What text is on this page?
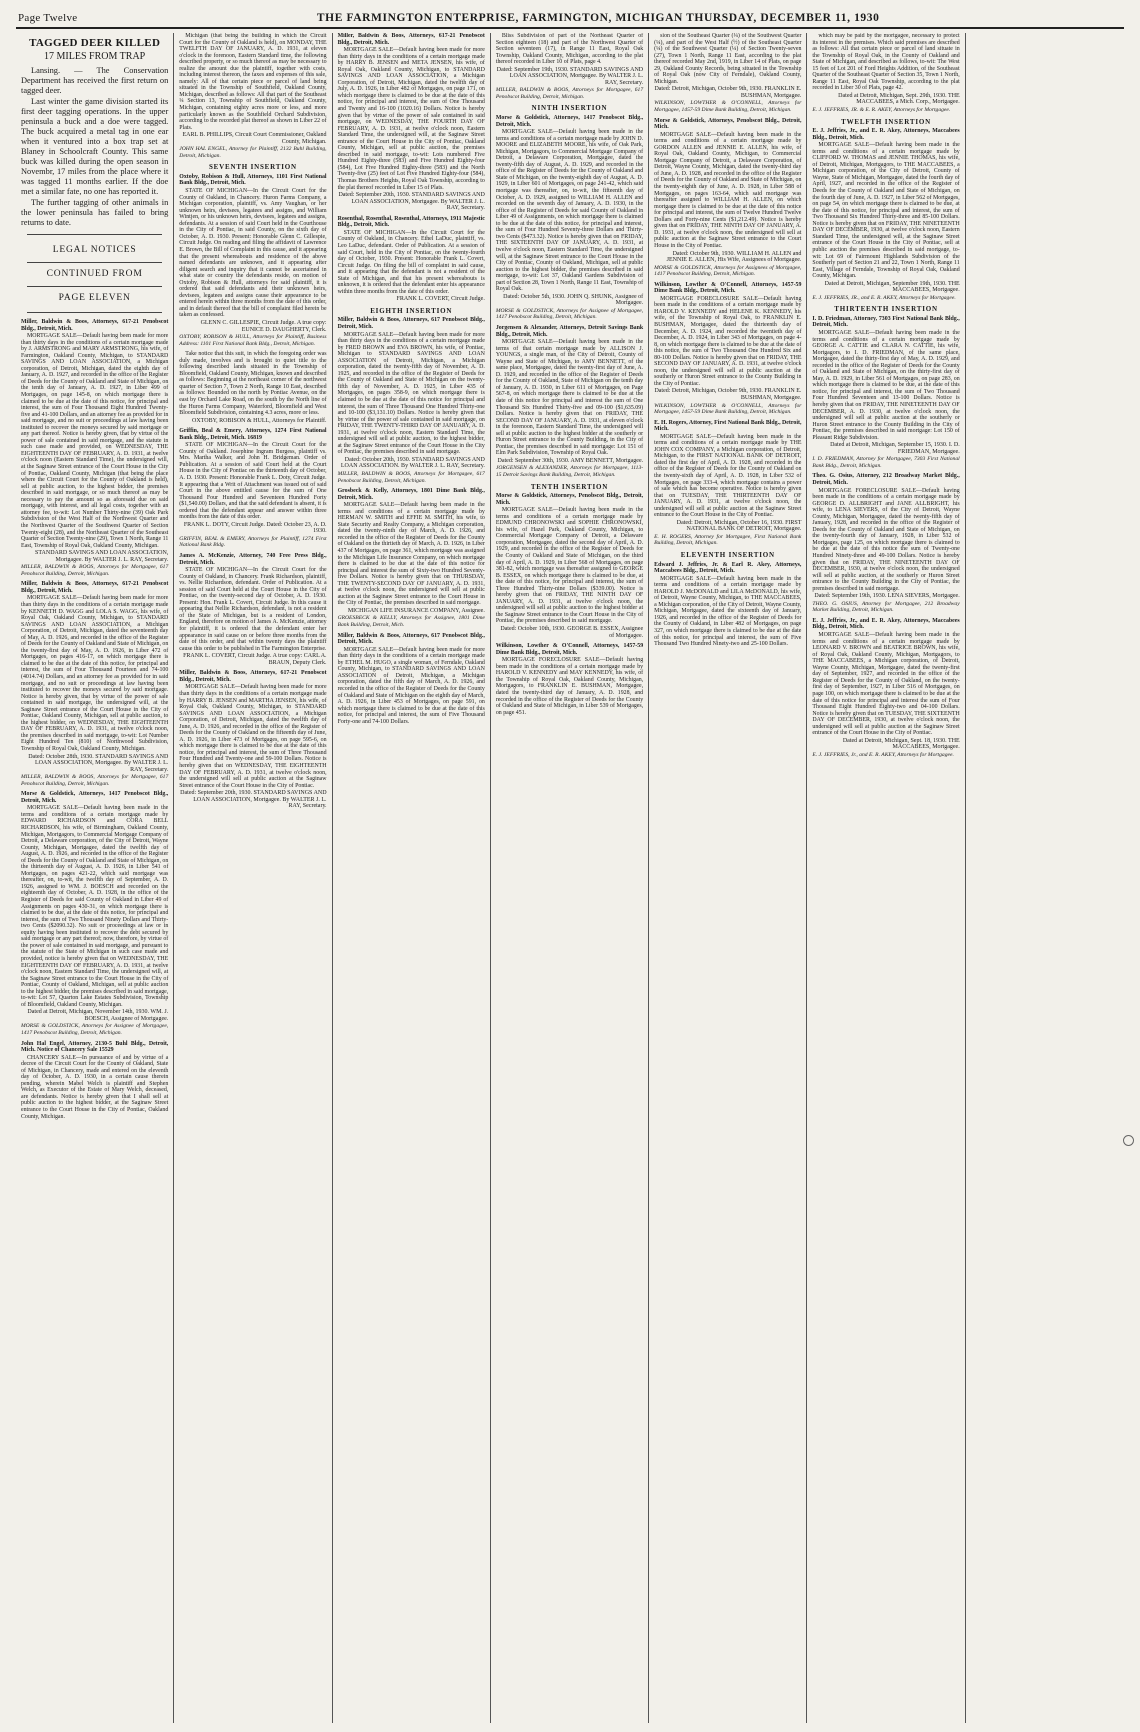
Page Twelve	THE FARMINGTON ENTERPRISE, FARMINGTON, MICHIGAN THURSDAY, DECEMBER 11, 1930

TAGGED DEER KILLED
17 MILES FROM TRAP

Lansing. — The Conservation Department has received the first return on tagged deer.

Last winter the game division started its first deer tagging operations. In the upper peninsula a buck and a doe were tagged. The buck acquired a metal tag in one ear when it ventured into a box trap set at Blaney in Schoolcraft County. This same buck was killed during the open season in Novembr, 17 miles from the place where it was tagged 11 months earlier. If the doe met a similar fate, no one has reported it.

The further tagging of other animals in the lower peninsula has failed to bring returns to date.

LEGAL NOTICES
CONTINUED FROM
PAGE ELEVEN
Miller, Baldwin & Boos, Attorneys, 617-21 Penobscot Bldg., Detroit, Mich.
MORTGAGE SALE—Default having been made for more than thirty days in the conditions of a certain mortgage made by J. ARMSTRONG and MARY ARMSTRONG, his wife, of Farmington, Oakland County, Michigan, to STANDARD SAVINGS AND LOAN ASSOCIATION, a Michigan corporation, of Detroit, Michigan, dated the eighth day of January, A. D. 1927, and recorded in the office of the Register of Deeds for the County of Oakland and State of Michigan, on the tenth day of January, A. D. 1927, in Liber 499 of Mortgages, on page 145-8, on which mortgage there is claimed to be due at the date of this notice, for principal and interest, the sum of Four Thousand Eight Hundred Twenty-five and 41-100 Dollars, and an attorney fee as provided for in said mortgage, and no suit or proceedings at law having been instituted to recover the moneys secured by said mortgage or any part thereof. Notice is hereby given, that by virtue of the power of sale contained in said mortgage, and the statute in such case made and provided, on WEDNESDAY, THE EIGHTEENTH DAY OF FEBRUARY, A. D. 1931, at twelve o'clock noon (Eastern Standard Time), the undersigned will, at the Saginaw Street entrance of the Court House in the City of Pontiac, Oakland County, Michigan (that being the place where the Circuit Court for the County of Oakland is held), sell at public auction, to the highest bidder, the premises described in said mortgage, or so much thereof as may be necessary to pay the amount so as aforesaid due on said mortgage, with interest, and all legal costs, together with an attorney fee, to-wit: Lot Number Thirty-nine (39) Oak Park Subdivision of the West Half of the Northwest Quarter and the Northwest Quarter of the Southwest Quarter of Section Twenty-eight (28), and the Northeast Quarter of the Southeast Quarter of Section Twenty-nine (29), Town 1 North, Range 11 East, Township of Royal Oak, Oakland County, Michigan.
STANDARD SAVINGS AND LOAN ASSOCIATION, Mortgagee. By WALTER J. L. RAY, Secretary.
MILLER, BALDWIN & BOOS, Attorneys for Mortgagee, 617 Penobscot Building, Detroit, Michigan.
Miller, Baldwin & Boos, Attorneys, 617-21 Penobscot Bldg., Detroit, Mich.
MORTGAGE SALE—Default having been made for more than thirty days in the conditions of a certain mortgage made by KENNETH D. WAGG and LOLA S. WAGG, his wife, of Royal Oak, Oakland County, Michigan, to STANDARD SAVINGS AND LOAN ASSOCIATION, a Michigan Corporation, of Detroit, Michigan, dated the seventeenth day of May, A. D. 1926, and recorded in the office of the Register of Deeds for the County of Oakland and State of Michigan, on the twenty-first day of May, A. D. 1926, in Liber 472 of Mortgages, on pages 416-17, on which mortgage there is claimed to be due at the date of this notice, for principal and interest, the sum of Four Thousand Fourteen and 74-100 (4014.74) Dollars, and an attorney fee as provided for in said mortgage, and no suit or proceedings at law having been instituted to recover the moneys secured by said mortgage. Notice is hereby given, that by virtue of the power of sale contained in said mortgage, the undersigned will, at the Saginaw Street entrance of the Court House in the City of Pontiac, Oakland County, Michigan, sell at public auction, to the highest bidder, on WEDNESDAY, THE EIGHTEENTH DAY OF FEBRUARY, A. D. 1931, at twelve o'clock noon, the premises described in said mortgage, to-wit: Lot Number Eight Hundred Ten (810) of Northwood Subdivision, Township of Royal Oak, Oakland County, Michigan.
Dated: October 28th, 1930. STANDARD SAVINGS AND LOAN ASSOCIATION, Mortgagee. By WALTER J. L. RAY, Secretary.
MILLER, BALDWIN & BOOS, Attorneys for Mortgagee, 617 Penobscot Building, Detroit, Michigan.
Morse & Goldstick, Attorneys, 1417 Penobscot Bldg., Detroit, Mich.
MORTGAGE SALE—Default having been made in the terms and conditions of a certain mortgage made by EDWARD RICHARDSON and CORA BELL RICHARDSON, his wife, of Birmingham, Oakland County, Michigan, Mortgagors, to Commercial Mortgage Company of Detroit, a Delaware corporation, of the City of Detroit, Wayne County, Michigan, Mortgagee, dated the twelfth day of August, A. D. 1926, and recorded in the office of the Register of Deeds for the County of Oakland and State of Michigan, on the thirteenth day of August, A. D. 1926, in Liber 541 of Mortgages, on pages 421-22, which said mortgage was thereafter, on, to-wit, the twelfth day of September, A. D. 1926, assigned to WM. J. BOESCH and recorded on the eighteenth day of October, A. D. 1928, in the office of the Register of Deeds for said County of Oakland in Liber 49 of Assignments on pages 430-31, on which mortgage there is claimed to be due, at the date of this notice, for principal and interest, the sum of Two Thousand Ninety Dollars and Thirty-two Cents ($2090.32). No suit or proceedings at law or in equity having been instituted to recover the debt secured by said mortgage or any part thereof; now, therefore, by virtue of the power of sale contained in said mortgage, and pursuant to the statute of the State of Michigan in such case made and provided, notice is hereby given that on WEDNESDAY, THE EIGHTEENTH DAY OF FEBRUARY, A. D. 1931, at twelve o'clock noon, Eastern Standard Time, the undersigned will, at the Saginaw Street entrance to the Court House in the City of Pontiac, County of Oakland, Michigan, sell at public auction to the highest bidder, the premises described in said mortgage, to-wit: Lot 57, Quarton Lake Estates Subdivision, Township of Bloomfield, Oakland County, Michigan.
Dated at Detroit, Michigan, November 14th, 1930. WM. J. BOESCH, Assignee of Mortgagee.
MORSE & GOLDSTICK, Attorneys for Assignee of Mortgagee, 1417 Penobscot Building, Detroit, Michigan.
John Hal Engel, Attorney, 2130-5 Buhl Bldg., Detroit, Mich. Notice of Chancery Sale 15529
CHANCERY SALE—In pursuance of and by virtue of a decree of the Circuit Court for the County of Oakland, State of Michigan, in Chancery, made and entered on the eleventh day of October, A. D. 1930, in a certain cause therein pending, wherein Mabel Welch is plaintiff and Stephen Welch, as Executor of the Estate of Mary Welch, deceased, are defendants. Notice is hereby given that I shall sell at public auction to the highest bidder, at the Saginaw Street entrance to the Court House in the City of Pontiac, Oakland County, Michigan.
Michigan (that being the building in which the Circuit Court for the County of Oakland is held), on MONDAY, THE TWELFTH DAY OF JANUARY, A. D. 1931, at eleven o'clock in the forenoon, Eastern Standard time, the following described property, or so much thereof as may be necessary to realize the amount due the plaintiff, together with costs, including interest thereon, the taxes and expenses of this sale, namely: All of that certain piece or parcel of land being situated in the Township of Southfield, Oakland County, Michigan, described as follows: All that part of the Southeast ¼ Section 13, Township of Southfield, Oakland County, Michigan, containing eighty acres more or less, and more particularly known as the Southfield Orchard Subdivision, according to the recorded plat thereof as shown in Liber 22 of Plats.
EARL B. PHILLIPS, Circuit Court Commissioner, Oakland County, Michigan.
JOHN HAL ENGEL, Attorney for Plaintiff, 2132 Buhl Building, Detroit, Michigan.
SEVENTH INSERTION
Oxtoby, Robison & Hull, Attorneys, 1101 First National Bank Bldg., Detroit, Mich.
STATE OF MICHIGAN—In the Circuit Court for the County of Oakland, in Chancery. Huron Farms Company, a Michigan corporation, plaintiff, vs. Amy Vaughan, or her unknown heirs, devisees, legatees and assigns, and William Wintjen, or his unknown heirs, devisees, legatees and assigns, defendants. At a session of said Court held in the Courthouse in the City of Pontiac, in said County, on the sixth day of October, A. D. 1930. Present: Honorable Glenn C. Gillespie, Circuit Judge. On reading and filing the affidavit of Lawrence E. Brown, the Bill of Complaint in this cause, and it appearing that the present whereabouts and residence of the above named defendants are unknown, and it appearing after diligent search and inquiry that it cannot be ascertained in what state or country the defendants reside, on motion of Oxtoby, Robison & Hull, attorneys for said plaintiff, it is ordered that said defendants and their unknown heirs, devisees, legatees and assigns cause their appearance to be entered herein within three months from the date of this order, and in default thereof that the bill of complaint filed herein be taken as confessed.
GLENN C. GILLESPIE, Circuit Judge. A true copy: EUNICE D. DAUGHERTY, Clerk.
OXTOBY, ROBISON & HULL, Attorneys for Plaintiff, Business Address: 1101 First National Bank Bldg., Detroit, Michigan.
Take notice that this suit, in which the foregoing order was duly made, involves and is brought to quiet title to the following described lands situated in the Township of Bloomfield, Oakland County, Michigan, known and described as follows: Beginning at the northeast corner of the northwest quarter of Section 7, Town 2 North, Range 10 East, described as follows: Bounded on the north by Pontiac Avenue, on the east by Orchard Lake Road, on the south by the North line of the Huron Farms Company, Waterford, Bloomfield and West Bloomfield Subdivision, containing 4.3 acres, more or less.
OXTOBY, ROBISON & HULL, Attorneys for Plaintiff.
Griffin, Beal & Emery, Attorneys, 1274 First National Bank Bldg., Detroit, Mich. 16819
STATE OF MICHIGAN—In the Circuit Court for the County of Oakland. Josephine Ingram Burgess, plaintiff vs. Mrs. Martha Walker, and John H. Bridgeman. Order of Publication. At a session of said Court held at the Court House in the City of Pontiac on the thirteenth day of October, A. D. 1930. Present: Honorable Frank L. Doty, Circuit Judge. It appearing that a Writ of Attachment was issued out of said Court in the above entitled cause for the sum of One Thousand Four Hundred and Seventeen Hundred Forty ($1,540.00) Dollars, and that the said defendant is absent, it is ordered that the defendant appear and answer within three months from the date of this order.
FRANK L. DOTY, Circuit Judge. Dated: October 23, A. D. 1930.
GRIFFIN, BEAL & EMERY, Attorneys for Plaintiff, 1274 First National Bank Bldg.
James A. McKenzie, Attorney, 740 Free Press Bldg., Detroit, Mich.
STATE OF MICHIGAN—In the Circuit Court for the County of Oakland, in Chancery. Frank Richardson, plaintiff, vs. Nellie Richardson, defendant. Order of Publication. At a session of said Court held at the Court House in the City of Pontiac, on the twenty-second day of October, A. D. 1930. Present: Hon. Frank L. Covert, Circuit Judge. In this cause it appearing that Nellie Richardson, defendant, is not a resident of the State of Michigan, but is a resident of London, England, therefore on motion of James A. McKenzie, attorney for plaintiff, it is ordered that the defendant enter her appearance in said cause on or before three months from the date of this order, and that within twenty days the plaintiff cause this order to be published in The Farmington Enterprise.
FRANK L. COVERT, Circuit Judge. A true copy: CARL A. BRAUN, Deputy Clerk.
Miller, Baldwin & Boos, Attorneys, 617-21 Penobscot Bldg., Detroit, Mich.
MORTGAGE SALE—Default having been made for more than thirty days in the conditions of a certain mortgage made by HARRY B. JENSEN and MARTHA JENSEN, his wife, of Royal Oak, Oakland County, Michigan, to STANDARD SAVINGS AND LOAN ASSOCIATION, a Michigan Corporation, of Detroit, Michigan, dated the twelfth day of June, A. D. 1926, and recorded in the office of the Register of Deeds for the County of Oakland on the fifteenth day of June, A. D. 1926, in Liber 473 of Mortgages, on page 595-6, on which mortgage there is claimed to be due at the date of this notice, for principal and interest, the sum of Three Thousand Four Hundred and Twenty-one and 59-100 Dollars. Notice is hereby given that on WEDNESDAY, THE EIGHTEENTH DAY OF FEBRUARY, A. D. 1931, at twelve o'clock noon, the undersigned will sell at public auction at the Saginaw Street entrance of the Court House in the City of Pontiac.
Dated: September 20th, 1930. STANDARD SAVINGS AND LOAN ASSOCIATION, Mortgagee. By WALTER J. L. RAY, Secretary.
Miller, Baldwin & Boos, Attorneys, 617-21 Penobscot Bldg., Detroit, Mich.
MORTGAGE SALE—Default having been made for more than thirty days in the conditions of a certain mortgage made by HARRY B. JENSEN and META JENSEN, his wife, of Royal Oak, Oakland County, Michigan, to STANDARD SAVINGS AND LOAN ASSOCIATION, a Michigan Corporation, of Detroit, Michigan, dated the twelfth day of July, A. D. 1926, in Liber 482 of Mortgages, on page 171, on which mortgage there is claimed to be due at the date of this notice, for principal and interest, the sum of One Thousand and Twenty and 16-100 (1020.16) Dollars. Notice is hereby given that by virtue of the power of sale contained in said mortgage, on WEDNESDAY, THE FOURTH DAY OF FEBRUARY, A. D. 1931, at twelve o'clock noon, Eastern Standard Time, the undersigned will, at the Saginaw Street entrance of the Court House in the City of Pontiac, Oakland County, Michigan, sell at public auction, the premises described in said mortgage, to-wit: Lots numbered Five Hundred Eighty-three (583) and Five Hundred Eighty-four (584), Lot Five Hundred Eighty-three (583) and the North Twenty-five (25) feet of Lot Five Hundred Eighty-four (584), Thomas Brothers Heights, Royal Oak Township, according to the plat thereof recorded in Liber 15 of Plats.
Dated: September 20th, 1930. STANDARD SAVINGS AND LOAN ASSOCIATION, Mortgagee. By WALTER J. L. RAY, Secretary.
Rosenthal, Rosenthal, Rosenthal, Attorneys, 1911 Majestic Bldg., Detroit, Mich.
STATE OF MICHIGAN—In the Circuit Court for the County of Oakland, in Chancery. Ethel LaDuc, plaintiff, vs. Leo LaDuc, defendant. Order of Publication. At a session of said Court, held in the City of Pontiac, on the twenty-fourth day of October, 1930. Present: Honorable Frank L. Covert, Circuit Judge. On filing the bill of complaint in said cause, and it appearing that the defendant is not a resident of the State of Michigan, and that his present whereabouts is unknown, it is ordered that the defendant enter his appearance within three months from the date of this order.
FRANK L. COVERT, Circuit Judge.
EIGHTH INSERTION
Miller, Baldwin & Boos, Attorneys, 617 Penobscot Bldg., Detroit, Mich.
MORTGAGE SALE—Default having been made for more than thirty days in the conditions of a certain mortgage made by FRED BROWN and EVA BROWN, his wife, of Pontiac, Michigan to STANDARD SAVINGS AND LOAN ASSOCIATION of Detroit, Michigan, a Michigan corporation, dated the twenty-fifth day of November, A. D. 1925, and recorded in the office of the Register of Deeds for the County of Oakland and State of Michigan on the twenty-fifth day of November, A. D. 1925, in Liber 435 of Mortgages, on pages 358-9, on which mortgage there is claimed to be due at the date of this notice for principal and interest, the sum of Three Thousand One Hundred Thirty-one and 10-100 ($3,131.10) Dollars. Notice is hereby given that by virtue of the power of sale contained in said mortgage, on FRIDAY, THE TWENTY-THIRD DAY OF JANUARY, A. D. 1931, at twelve o'clock noon, Eastern Standard Time, the undersigned will sell at public auction, to the highest bidder, at the Saginaw Street entrance of the Court House in the City of Pontiac, the premises described in said mortgage.
Dated: October 20th, 1930. STANDARD SAVINGS AND LOAN ASSOCIATION. By WALTER J. L. RAY, Secretary.
MILLER, BALDWIN & BOOS, Attorneys for Mortgagee, 617 Penobscot Building, Detroit, Michigan.
Grosbeck & Kelly, Attorneys, 1801 Dime Bank Bldg., Detroit, Mich.
MORTGAGE SALE—Default having been made in the terms and conditions of a certain mortgage made by HERMAN W. SMITH and EFFIE M. SMITH, his wife, to State Security and Realty Company, a Michigan corporation, dated the twenty-ninth day of March, A. D. 1926, and recorded in the office of the Register of Deeds for the County of Oakland on the thirtieth day of March, A. D. 1926, in Liber 437 of Mortgages, on page 361, which mortgage was assigned to the Michigan Life Insurance Company, on which mortgage there is claimed to be due at the date of this notice for principal and interest the sum of Sixty-two Hundred Seventy-five Dollars. Notice is hereby given that on THURSDAY, THE TWENTY-SECOND DAY OF JANUARY, A. D. 1931, at twelve o'clock noon, the undersigned will sell at public auction at the Saginaw Street entrance to the Court House in the City of Pontiac, the premises described in said mortgage.
MICHIGAN LIFE INSURANCE COMPANY, Assignee.
GROESBECK & KELLY, Attorneys for Assignee, 1801 Dime Bank Building, Detroit, Mich.
Miller, Baldwin & Boos, Attorneys, 617 Penobscot Bldg., Detroit, Mich.
MORTGAGE SALE—Default having been made for more than thirty days in the conditions of a certain mortgage made by ETHEL M. HUGO, a single woman, of Ferndale, Oakland County, Michigan, to STANDARD SAVINGS AND LOAN ASSOCIATION of Detroit, Michigan, a Michigan corporation, dated the fifth day of March, A. D. 1926, and recorded in the office of the Register of Deeds for the County of Oakland and State of Michigan on the eighth day of March, A. D. 1926, in Liber 453 of Mortgages, on page 591, on which mortgage there is claimed to be due at the date of this notice, for principal and interest, the sum of Five Thousand Forty-one and 74-100 Dollars.
Bliss Subdivision of part of the Northeast Quarter of Section eighteen (18) and part of the Northwest Quarter of Section seventeen (17), in Range 11 East, Royal Oak Township, Oakland County, Michigan, according to the plat thereof recorded in Liber 10 of Plats, page 4.
Dated: September 19th, 1930. STANDARD SAVINGS AND LOAN ASSOCIATION, Mortgagee. By WALTER J. L. RAY, Secretary.
MILLER, BALDWIN & BOOS, Attorneys for Mortgagee, 617 Penobscot Building, Detroit, Michigan.
NINTH INSERTION
Morse & Goldstick, Attorneys, 1417 Penobscot Bldg., Detroit, Mich.
MORTGAGE SALE—Default having been made in the terms and conditions of a certain mortgage made by JOHN D. MOORE and ELIZABETH MOORE, his wife, of Oak Park, Michigan, Mortgagors, to Commercial Mortgage Company of Detroit, a Delaware Corporation, Mortgagee, dated the twenty-fifth day of August, A. D. 1929, and recorded in the office of the Register of Deeds for the County of Oakland and State of Michigan, on the twenty-eighth day of August, A. D. 1929, in Liber 601 of Mortgages, on page 241-42, which said mortgage was thereafter, on, to-wit, the fifteenth day of October, A. D. 1929, assigned to WILLIAM H. ALLEN and recorded on the seventh day of January, A. D. 1930, in the office of the Register of Deeds for said County of Oakland in Liber 49 of Assignments, on which mortgage there is claimed to be due at the date of this notice, for principal and interest, the sum of Four Hundred Seventy-three Dollars and Thirty-two Cents ($473.32). Notice is hereby given that on FRIDAY, THE SIXTEENTH DAY OF JANUARY, A. D. 1931, at twelve o'clock noon, Eastern Standard Time, the undersigned will, at the Saginaw Street entrance to the Court House in the City of Pontiac, County of Oakland, Michigan, sell at public auction to the highest bidder, the premises described in said mortgage, to-wit: Lot 37, Oakland Gardens Subdivision of part of Section 28, Town 1 North, Range 11 East, Township of Royal Oak.
Dated: October 5th, 1930. JOHN Q. SHUNK, Assignee of Mortgagee.
MORSE & GOLDSTICK, Attorneys for Assignee of Mortgagee, 1417 Penobscot Building, Detroit, Michigan.
Jorgensen & Alexander, Attorneys, Detroit Savings Bank Bldg., Detroit, Mich.
MORTGAGE SALE—Default having been made in the terms of that certain mortgage made by ALLISON J. YOUNGS, a single man, of the City of Detroit, County of Wayne and State of Michigan, to AMY BENNETT, of the same place, Mortgagee, dated the twenty-first day of June, A. D. 1929, and recorded in the office of the Register of Deeds for the County of Oakland, State of Michigan on the tenth day of January, A. D. 1930, in Liber 611 of Mortgages, on Page 567-8, on which mortgage there is claimed to be due at the date of this notice for principal and interest the sum of One Thousand Six Hundred Thirty-five and 09-100 ($1,635.09) Dollars. Notice is hereby given that on FRIDAY, THE SECOND DAY OF JANUARY, A. D. 1931, at eleven o'clock in the forenoon, Eastern Standard Time, the undersigned will sell at public auction to the highest bidder at the southerly or Huron Street entrance to the County Building, in the City of Pontiac, the premises described in said mortgage: Lot 151 of Elm Park Subdivision, Township of Royal Oak.
Dated: September 30th, 1930. AMY BENNETT, Mortgagee.
JORGENSEN & ALEXANDER, Attorneys for Mortgagee, 1113-15 Detroit Savings Bank Building, Detroit, Michigan.
TENTH INSERTION
Morse & Goldstick, Attorneys, Penobscot Bldg., Detroit, Mich.
MORTGAGE SALE—Default having been made in the terms and conditions of a certain mortgage made by EDMUND CHRONOWSKI and SOPHIE CHRONOWSKI, his wife, of Hazel Park, Oakland County, Michigan, to Commercial Mortgage Company of Detroit, a Delaware corporation, Mortgagee, dated the second day of April, A. D. 1929, and recorded in the office of the Register of Deeds for the County of Oakland and State of Michigan, on the third day of April, A. D. 1929, in Liber 568 of Mortgages, on page 381-82, which mortgage was thereafter assigned to GEORGE B. ESSEX, on which mortgage there is claimed to be due, at the date of this notice, for principal and interest, the sum of Three Hundred Thirty-nine Dollars ($339.00). Notice is hereby given that on FRIDAY, THE NINTH DAY OF JANUARY, A. D. 1931, at twelve o'clock noon, the undersigned will sell at public auction to the highest bidder at the Saginaw Street entrance to the Court House in the City of Pontiac, the premises described in said mortgage.
Dated: October 10th, 1930. GEORGE B. ESSEX, Assignee of Mortgagee.
Wilkinson, Lowther & O'Connell, Attorneys, 1457-59 Dime Bank Bldg., Detroit, Mich.
MORTGAGE FORECLOSURE SALE—Default having been made in the conditions of a certain mortgage made by HAROLD V. KENNEDY and MAY KENNEDY, his wife, of the Township of Royal Oak, Oakland County, Michigan, Mortgagors, to FRANKLIN E. BUSHMAN, Mortgagee, dated the twenty-third day of January, A. D. 1928, and recorded in the office of the Register of Deeds for the County of Oakland and State of Michigan, in Liber 539 of Mortgages, on page 451.
sion of the Southeast Quarter (¼) of the Southwest Quarter (¼), and part of the West Half (½) of the Southeast Quarter (¼) of the Southwest Quarter (¼) of Section Twenty-seven (27), Town 1 North, Range 11 East, according to the plat thereof recorded May 2nd, 1919, in Liber 14 of Plats, on page 29, Oakland County Records, being situated in the Township of Royal Oak (now City of Ferndale), Oakland County, Michigan.
Dated: Detroit, Michigan, October 9th, 1930. FRANKLIN E. BUSHMAN, Mortgagee.
WILKINSON, LOWTHER & O'CONNELL, Attorneys for Mortgagee, 1457-59 Dime Bank Building, Detroit, Michigan.
Morse & Goldstick, Attorneys, Penobscot Bldg., Detroit, Mich.
MORTGAGE SALE—Default having been made in the terms and conditions of a certain mortgage made by GORDON ALLEN and JENNIE E. ALLEN, his wife, of Royal Oak, Oakland County, Michigan, to Commercial Mortgage Company of Detroit, a Delaware Corporation, of Detroit, Wayne County, Michigan, dated the twenty-third day of June, A. D. 1928, and recorded in the office of the Register of Deeds for the County of Oakland and State of Michigan, on the twenty-eighth day of June, A. D. 1928, in Liber 588 of Mortgages, on pages 163-64, which said mortgage was thereafter assigned to WILLIAM H. ALLEN, on which mortgage there is claimed to be due at the date of this notice for principal and interest, the sum of Twelve Hundred Twelve Dollars and Forty-nine Cents ($1,212.49). Notice is hereby given that on FRIDAY, THE NINTH DAY OF JANUARY, A. D. 1931, at twelve o'clock noon, the undersigned will sell at public auction at the Saginaw Street entrance to the Court House in the City of Pontiac.
Dated: October 9th, 1930. WILLIAM H. ALLEN and JENNIE E. ALLEN, His Wife, Assignees of Mortgagee.
MORSE & GOLDSTICK, Attorneys for Assignees of Mortgagee, 1417 Penobscot Building, Detroit, Michigan.
Wilkinson, Lowther & O'Connell, Attorneys, 1457-59 Dime Bank Bldg., Detroit, Mich.
MORTGAGE FORECLOSURE SALE—Default having been made in the conditions of a certain mortgage made by HAROLD V. KENNEDY and HELENE K. KENNEDY, his wife, of the Township of Royal Oak, to FRANKLIN E. BUSHMAN, Mortgagee, dated the thirteenth day of December, A. D. 1924, and recorded the twentieth day of December, A. D. 1924, in Liber 343 of Mortgages, on page 4-8, on which mortgage there is claimed to be due at the date of this notice, the sum of Two Thousand One Hundred Six and 80-100 Dollars. Notice is hereby given that on FRIDAY, THE SECOND DAY OF JANUARY, A. D. 1931, at twelve o'clock noon, the undersigned will sell at public auction at the southerly or Huron Street entrance to the County Building in the City of Pontiac.
Dated: Detroit, Michigan, October 9th, 1930. FRANKLIN E. BUSHMAN, Mortgagee.
WILKINSON, LOWTHER & O'CONNELL, Attorneys for Mortgagee, 1457-59 Dime Bank Building, Detroit, Michigan.
E. H. Rogers, Attorney, First National Bank Bldg., Detroit, Mich.
MORTGAGE SALE—Default having been made in the terms and conditions of a certain mortgage made by THE JOHN COX COMPANY, a Michigan corporation, of Detroit, Michigan, to the FIRST NATIONAL BANK OF DETROIT, dated the first day of April, A. D. 1928, and recorded in the office of the Register of Deeds for the County of Oakland on the twenty-sixth day of April, A. D. 1928, in Liber 532 of Mortgages, on page 333-4, which mortgage contains a power of sale which has become operative. Notice is hereby given that on TUESDAY, THE THIRTEENTH DAY OF JANUARY, A. D. 1931, at twelve o'clock noon, the undersigned will sell at public auction at the Saginaw Street entrance to the Court House in the City of Pontiac.
Dated: Detroit, Michigan, October 16, 1930. FIRST NATIONAL BANK OF DETROIT, Mortgagee.
E. H. ROGERS, Attorney for Mortgagee, First National Bank Building, Detroit, Michigan.
ELEVENTH INSERTION
Edward J. Jeffries, Jr. & Earl R. Akey, Attorneys, Maccabees Bldg., Detroit, Mich.
MORTGAGE SALE—Default having been made in the terms and conditions of a certain mortgage made by HAROLD J. McDONALD and LILA McDONALD, his wife, of Detroit, Wayne County, Michigan, to THE MACCABEES, a Michigan corporation, of the City of Detroit, Wayne County, Michigan, Mortgagee, dated the sixteenth day of January, 1926, and recorded in the office of the Register of Deeds for the County of Oakland, in Liber 482 of Mortgages, on page 327, on which mortgage there is claimed to be due at the date of this notice, for principal and interest, the sum of Five Thousand Two Hundred Ninety-two and 25-100 Dollars.
which may be paid by the mortgagee, necessary to protect its interest in the premises. Which said premises are described as follows: All that certain piece or parcel of land situate in the Township of Royal Oak, in the County of Oakland and State of Michigan, and described as follows, to-wit: The West 15 feet of Lot 201 of Ford Heights Addition, of the Southeast Quarter of the Southeast Quarter of Section 35, Town 1 North, Range 11 East, Royal Oak Township, according to the plat recorded in Liber 30 of Plats, page 42.
Dated at Detroit, Michigan, Sept. 29th, 1930. THE MACCABEES, a Mich. Corp., Mortgagee.
E. J. JEFFRIES, JR. & E. R. AKEY, Attorneys for Mortgagee.
TWELFTH INSERTION
E. J. Jeffries, Jr., and E. R. Akey, Attorneys, Maccabees Bldg., Detroit, Mich.
MORTGAGE SALE—Default having been made in the terms and conditions of a certain mortgage made by CLIFFORD W. THOMAS and JENNIE THOMAS, his wife, of Detroit, Michigan, Mortgagors, to THE MACCABEES, a Michigan corporation, of the City of Detroit, County of Wayne, State of Michigan, Mortgagee, dated the fourth day of April, 1927, and recorded in the office of the Register of Deeds for the County of Oakland and State of Michigan, on the fourth day of June, A. D. 1927, in Liber 562 of Mortgages, on page 54, on which mortgage there is claimed to be due, at the date of this notice, for principal and interest, the sum of Two Thousand Six Hundred Thirty-three and 85-100 Dollars. Notice is hereby given that on FRIDAY, THE NINETEENTH DAY OF DECEMBER, 1930, at twelve o'clock noon, Eastern Standard Time, the undersigned will, at the Saginaw Street entrance of the Court House in the City of Pontiac, sell at public auction the premises described in said mortgage, to-wit: Lot 69 of Fairmount Highlands Subdivision of the Southerly part of Section 21 and 22, Town 1 North, Range 11 East, Village of Ferndale, Township of Royal Oak, Oakland County, Michigan.
Dated at Detroit, Michigan, September 19th, 1930. THE MACCABEES, Mortgagee.
E. J. JEFFRIES, JR., and E. R. AKEY, Attorneys for Mortgagee.
THIRTEENTH INSERTION
I. D. Friedman, Attorney, 7303 First National Bank Bldg., Detroit, Mich.
MORTGAGE SALE—Default having been made in the terms and conditions of a certain mortgage made by GEORGE A. CATTIE and CLARA N. CATTIE, his wife, Mortgagors, to I. D. FRIEDMAN, of the same place, Mortgagee, dated the thirty-first day of May, A. D. 1929, and recorded in the office of the Register of Deeds for the County of Oakland and State of Michigan, on the thirty-first day of May, A. D. 1929, in Liber 561 of Mortgages, on page 283, on which mortgage there is claimed to be due, at the date of this notice, for principal and interest, the sum of Two Thousand Four Hundred Seventeen and 13-100 Dollars. Notice is hereby given that on FRIDAY, THE NINETEENTH DAY OF DECEMBER, A. D. 1930, at twelve o'clock noon, the undersigned will sell at public auction at the southerly or Huron Street entrance to the County Building in the City of Pontiac, the premises described in said mortgage: Lot 150 of Pleasant Ridge Subdivision.
Dated at Detroit, Michigan, September 15, 1930. I. D. FRIEDMAN, Mortgagee.
I. D. FRIEDMAN, Attorney for Mortgagee, 7303 First National Bank Bldg., Detroit, Michigan.
Theo. G. Osius, Attorney, 212 Broadway Market Bldg., Detroit, Mich.
MORTGAGE FORECLOSURE SALE—Default having been made in the conditions of a certain mortgage made by GEORGE D. ALLBRIGHT and JANE ALLBRIGHT, his wife, to LENA SIEVERS, of the City of Detroit, Wayne County, Michigan, Mortgagee, dated the twenty-fifth day of January, 1928, and recorded in the office of the Register of Deeds for the County of Oakland and State of Michigan, on the twenty-fourth day of January, 1928, in Liber 532 of Mortgages, page 125, on which mortgage there is claimed to be due at the date of this notice the sum of Twenty-one Hundred Ninety-three and 49-100 Dollars. Notice is hereby given that on FRIDAY, THE NINETEENTH DAY OF DECEMBER, 1930, at twelve o'clock noon, the undersigned will sell at public auction, at the southerly or Huron Street entrance to the County Building in the City of Pontiac, the premises described in said mortgage.
Dated: September 19th, 1930. LENA SIEVERS, Mortgagee.
THEO. G. OSIUS, Attorney for Mortgagee, 212 Broadway Market Building, Detroit, Michigan.
E. J. Jeffries, Jr., and E. R. Akey, Attorneys, Maccabees Bldg., Detroit, Mich.
MORTGAGE SALE—Default having been made in the terms and conditions of a certain mortgage made by LEONARD V. BROWN and BEATRICE BROWN, his wife, of Royal Oak, Oakland County, Michigan, Mortgagors, to THE MACCABEES, a Michigan corporation, of Detroit, Wayne County, Michigan, Mortgagee, dated the twenty-first day of September, 1927, and recorded in the office of the Register of Deeds for the County of Oakland, on the twenty-first day of September, 1927, in Liber 516 of Mortgages, on page 100, on which mortgage there is claimed to be due at the date of this notice for principal and interest the sum of Four Thousand Eight Hundred Eighty-two and 04-100 Dollars. Notice is hereby given that on TUESDAY, THE SIXTEENTH DAY OF DECEMBER, 1930, at twelve o'clock noon, the undersigned will sell at public auction at the Saginaw Street entrance of the Court House in the City of Pontiac.
Dated at Detroit, Michigan, Sept. 18, 1930. THE MACCABEES, Mortgagee.
E. J. JEFFRIES, Jr., and E. R. AKEY, Attorneys for Mortgagee.
